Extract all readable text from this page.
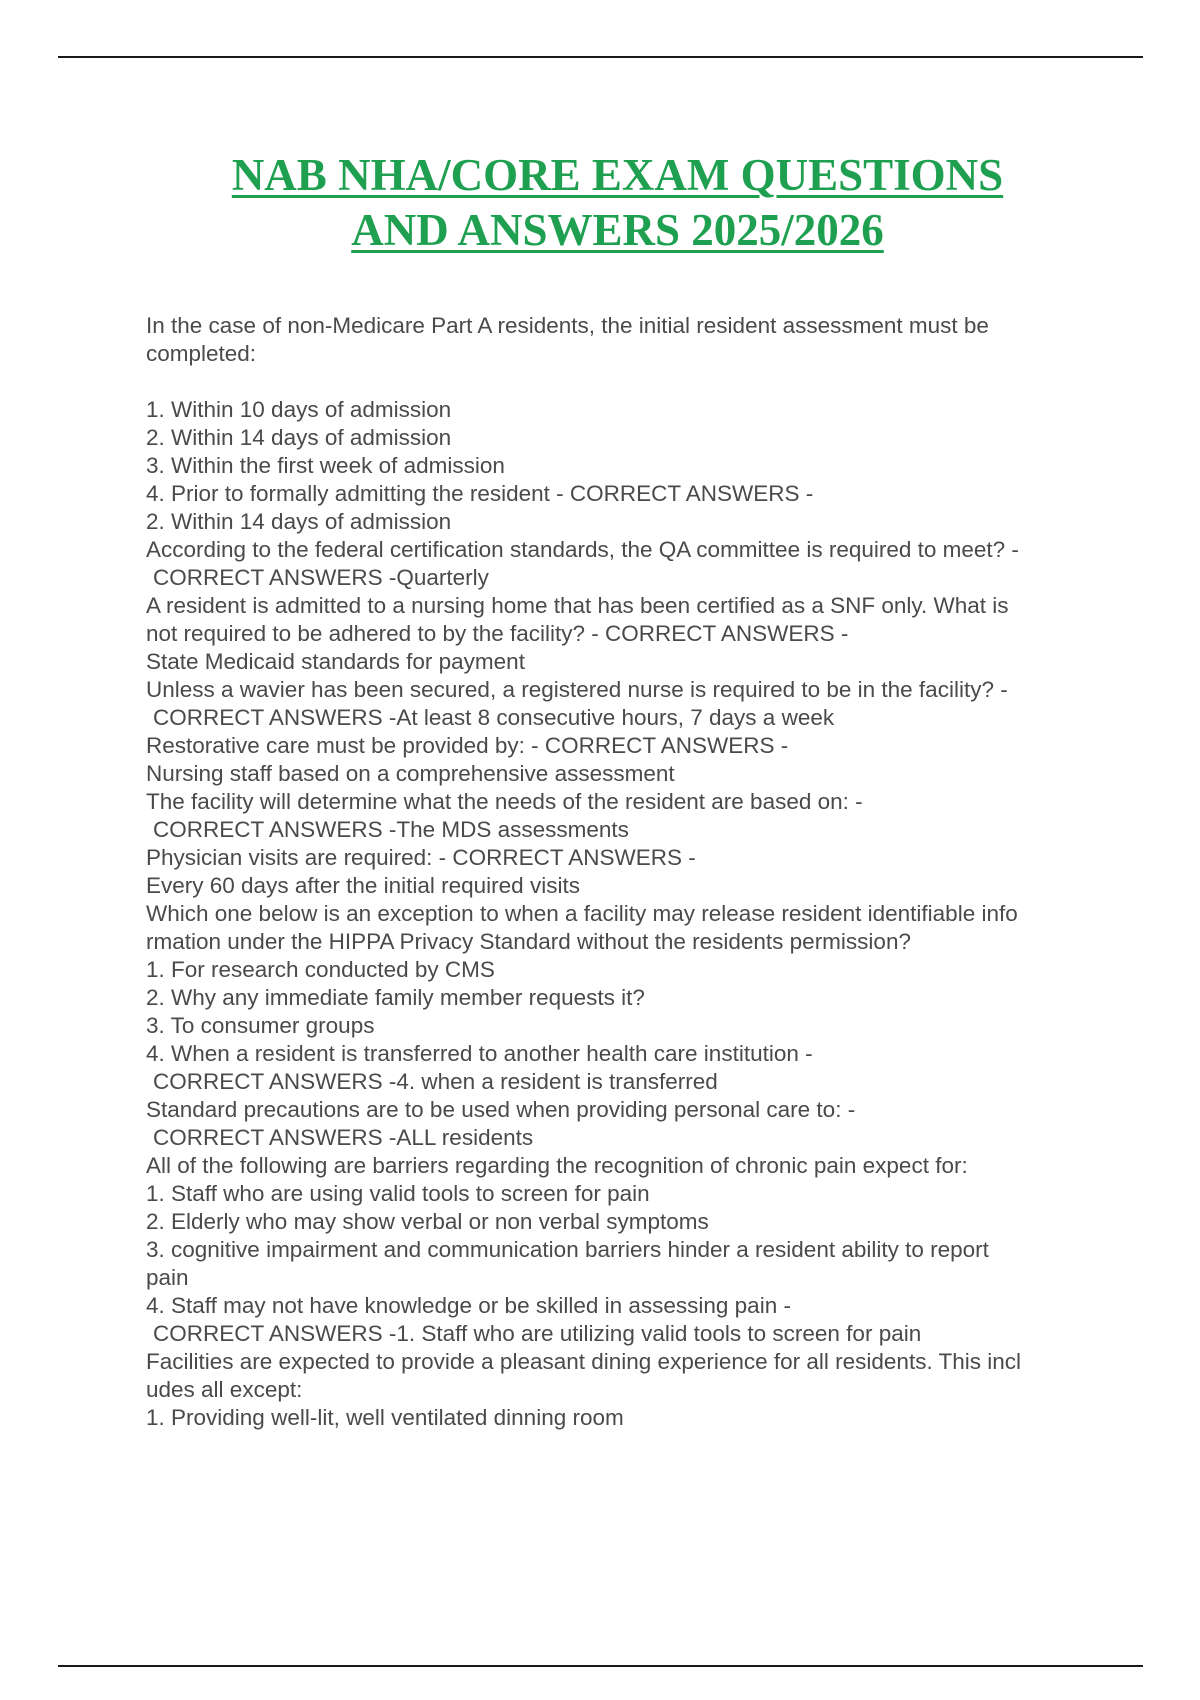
NAB NHA/CORE EXAM QUESTIONS
AND ANSWERS 2025/2026
In the case of non-Medicare Part A residents, the initial resident assessment must be
completed:
1. Within 10 days of admission
2. Within 14 days of admission
3. Within the first week of admission
4. Prior to formally admitting the resident - CORRECT ANSWERS -
2. Within 14 days of admission
According to the federal certification standards, the QA committee is required to meet? -
CORRECT ANSWERS -Quarterly
A resident is admitted to a nursing home that has been certified as a SNF only. What is
not required to be adhered to by the facility? - CORRECT ANSWERS -
State Medicaid standards for payment
Unless a wavier has been secured, a registered nurse is required to be in the facility? -
CORRECT ANSWERS -At least 8 consecutive hours, 7 days a week
Restorative care must be provided by: - CORRECT ANSWERS -
Nursing staff based on a comprehensive assessment
The facility will determine what the needs of the resident are based on: -
CORRECT ANSWERS -The MDS assessments
Physician visits are required: - CORRECT ANSWERS -
Every 60 days after the initial required visits
Which one below is an exception to when a facility may release resident identifiable info
rmation under the HIPPA Privacy Standard without the residents permission?
1. For research conducted by CMS
2. Why any immediate family member requests it?
3. To consumer groups
4. When a resident is transferred to another health care institution -
CORRECT ANSWERS -4. when a resident is transferred
Standard precautions are to be used when providing personal care to: -
CORRECT ANSWERS -ALL residents
All of the following are barriers regarding the recognition of chronic pain expect for:
1. Staff who are using valid tools to screen for pain
2. Elderly who may show verbal or non verbal symptoms
3. cognitive impairment and communication barriers hinder a resident ability to report
pain
4. Staff may not have knowledge or be skilled in assessing pain -
CORRECT ANSWERS -1. Staff who are utilizing valid tools to screen for pain
Facilities are expected to provide a pleasant dining experience for all residents. This incl
udes all except:
1. Providing well-lit, well ventilated dinning room
